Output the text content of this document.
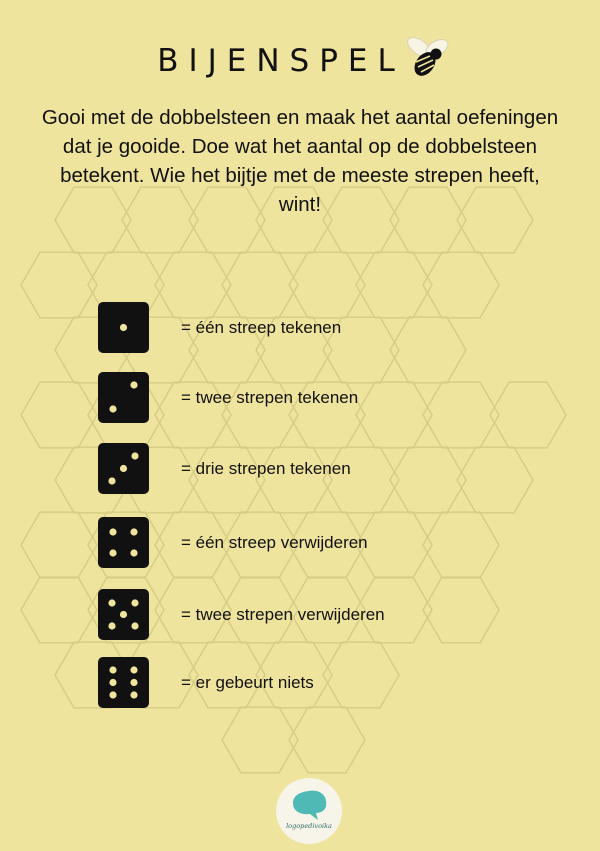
BIJENSPEL

Gooi met de dobbelsteen en maak het aantal oefeningen dat je gooide. Doe wat het aantal op de dobbelsteen betekent. Wie het bijtje met de meeste strepen heeft, wint!

= één streep tekenen
= twee strepen tekenen
= drie strepen tekenen
= één streep verwijderen
= twee strepen verwijderen
= er gebeurt niets
logopedivoika
